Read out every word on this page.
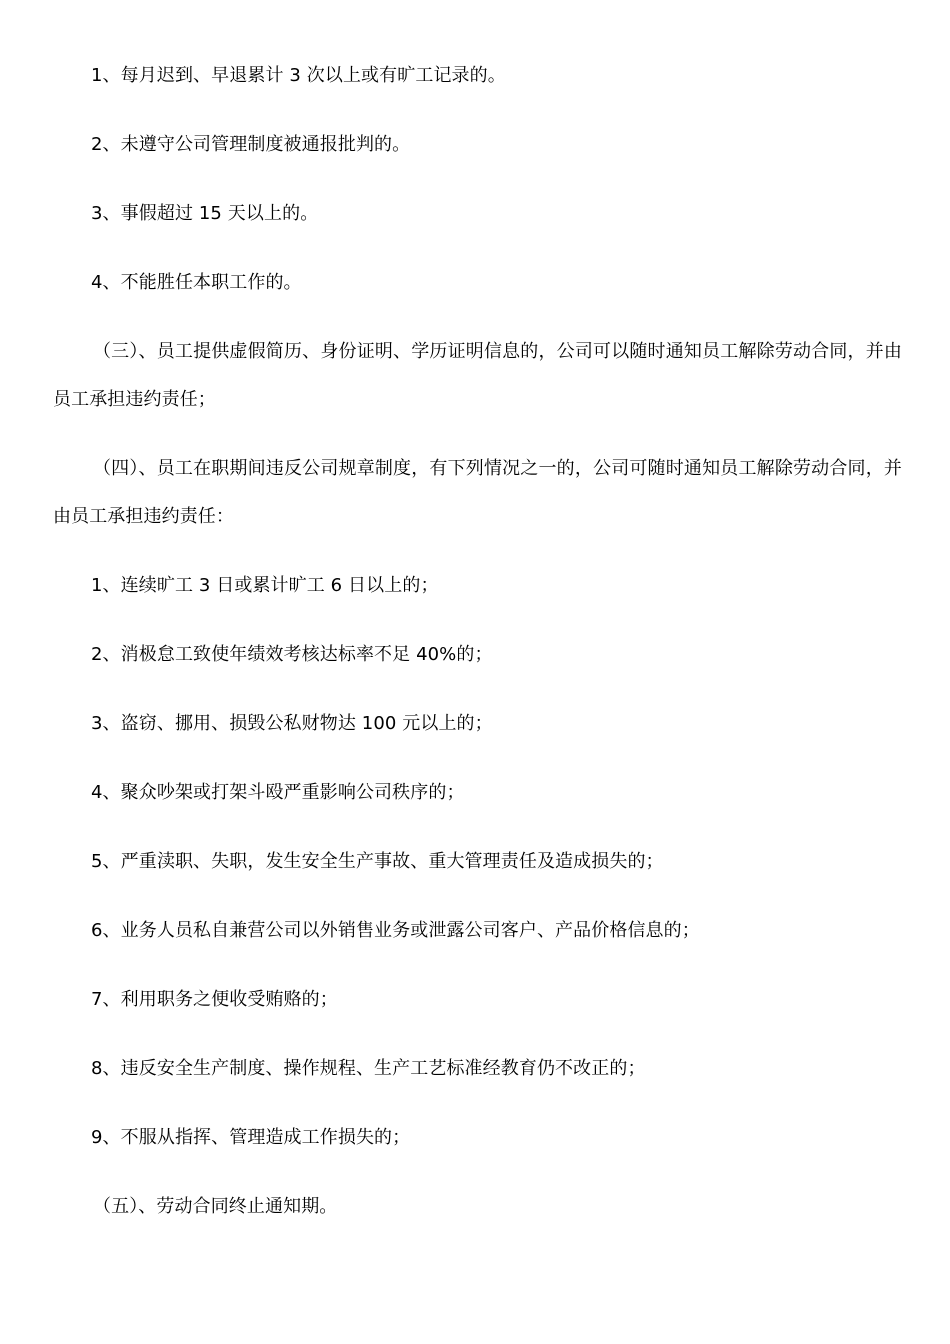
1、每月迟到、早退累计 3 次以上或有旷工记录的。

2、未遵守公司管理制度被通报批判的。

3、事假超过 15 天以上的。

4、不能胜任本职工作的。

（三）、员工提供虚假简历、身份证明、学历证明信息的，公司可以随时通知员工解除劳动合同，并由员工承担违约责任；

（四）、员工在职期间违反公司规章制度，有下列情况之一的，公司可随时通知员工解除劳动合同，并由员工承担违约责任：

1、连续旷工 3 日或累计旷工 6 日以上的；

2、消极怠工致使年绩效考核达标率不足 40%的；

3、盗窃、挪用、损毁公私财物达 100 元以上的；

4、聚众吵架或打架斗殴严重影响公司秩序的；

5、严重渎职、失职，发生安全生产事故、重大管理责任及造成损失的；

6、业务人员私自兼营公司以外销售业务或泄露公司客户、产品价格信息的；

7、利用职务之便收受贿赂的；

8、违反安全生产制度、操作规程、生产工艺标准经教育仍不改正的；

9、不服从指挥、管理造成工作损失的；

（五）、劳动合同终止通知期。
